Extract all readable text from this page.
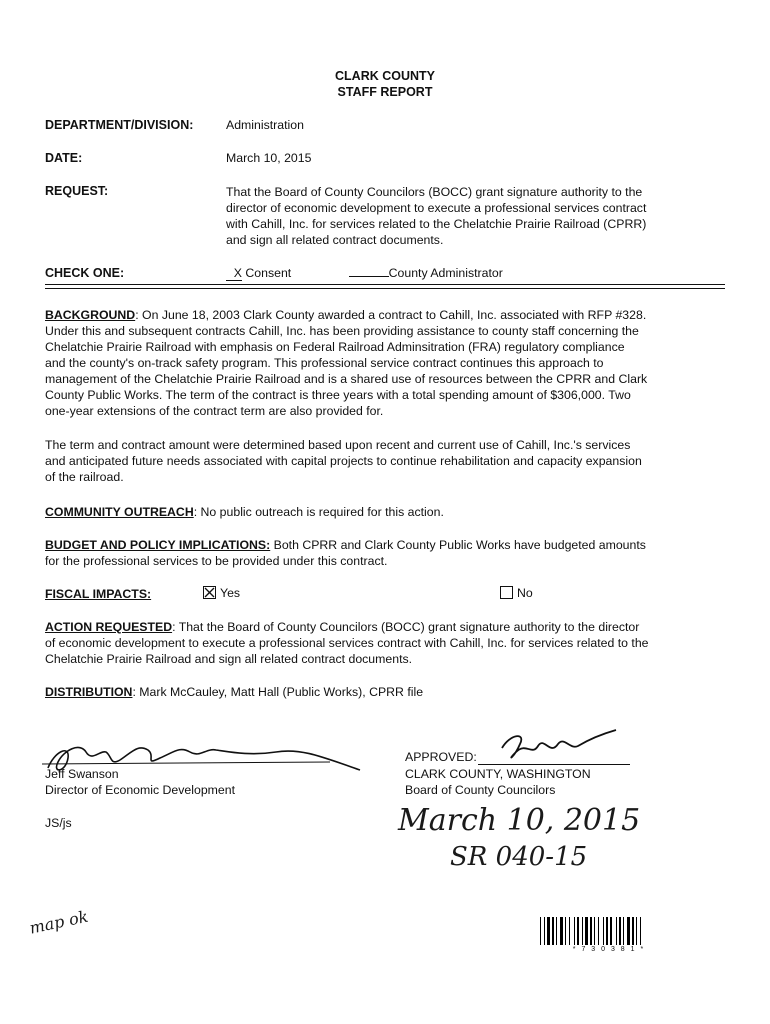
CLARK COUNTY
STAFF REPORT
DEPARTMENT/DIVISION:	Administration
DATE:	March 10, 2015
REQUEST:	That the Board of County Councilors (BOCC) grant signature authority to the
director of economic development to execute a professional services contract
with Cahill, Inc. for services related to the Chelatchie Prairie Railroad (CPRR)
and sign all related contract documents.
CHECK ONE:	X Consent	County Administrator
BACKGROUND: On June 18, 2003 Clark County awarded a contract to Cahill, Inc. associated with RFP #328.
Under this and subsequent contracts Cahill, Inc. has been providing assistance to county staff concerning the
Chelatchie Prairie Railroad with emphasis on Federal Railroad Adminsitration (FRA) regulatory compliance
and the county's on-track safety program. This professional service contract continues this approach to
management of the Chelatchie Prairie Railroad and is a shared use of resources between the CPRR and Clark
County Public Works. The term of the contract is three years with a total spending amount of $306,000. Two
one-year extensions of the contract term are also provided for.
The term and contract amount were determined based upon recent and current use of Cahill, Inc.'s services
and anticipated future needs associated with capital projects to continue rehabilitation and capacity expansion
of the railroad.
COMMUNITY OUTREACH: No public outreach is required for this action.
BUDGET AND POLICY IMPLICATIONS: Both CPRR and Clark County Public Works have budgeted amounts
for the professional services to be provided under this contract.
FISCAL IMPACTS:	Yes	No
ACTION REQUESTED: That the Board of County Councilors (BOCC) grant signature authority to the director
of economic development to execute a professional services contract with Cahill, Inc. for services related to the
Chelatchie Prairie Railroad and sign all related contract documents.
DISTRIBUTION: Mark McCauley, Matt Hall (Public Works), CPRR file
Jeff Swanson
Director of Economic Development
JS/js
APPROVED:
CLARK COUNTY, WASHINGTON
Board of County Councilors
March 10, 2015
SR 040-15
* 7 3 0 3 8 1 *
map ok
